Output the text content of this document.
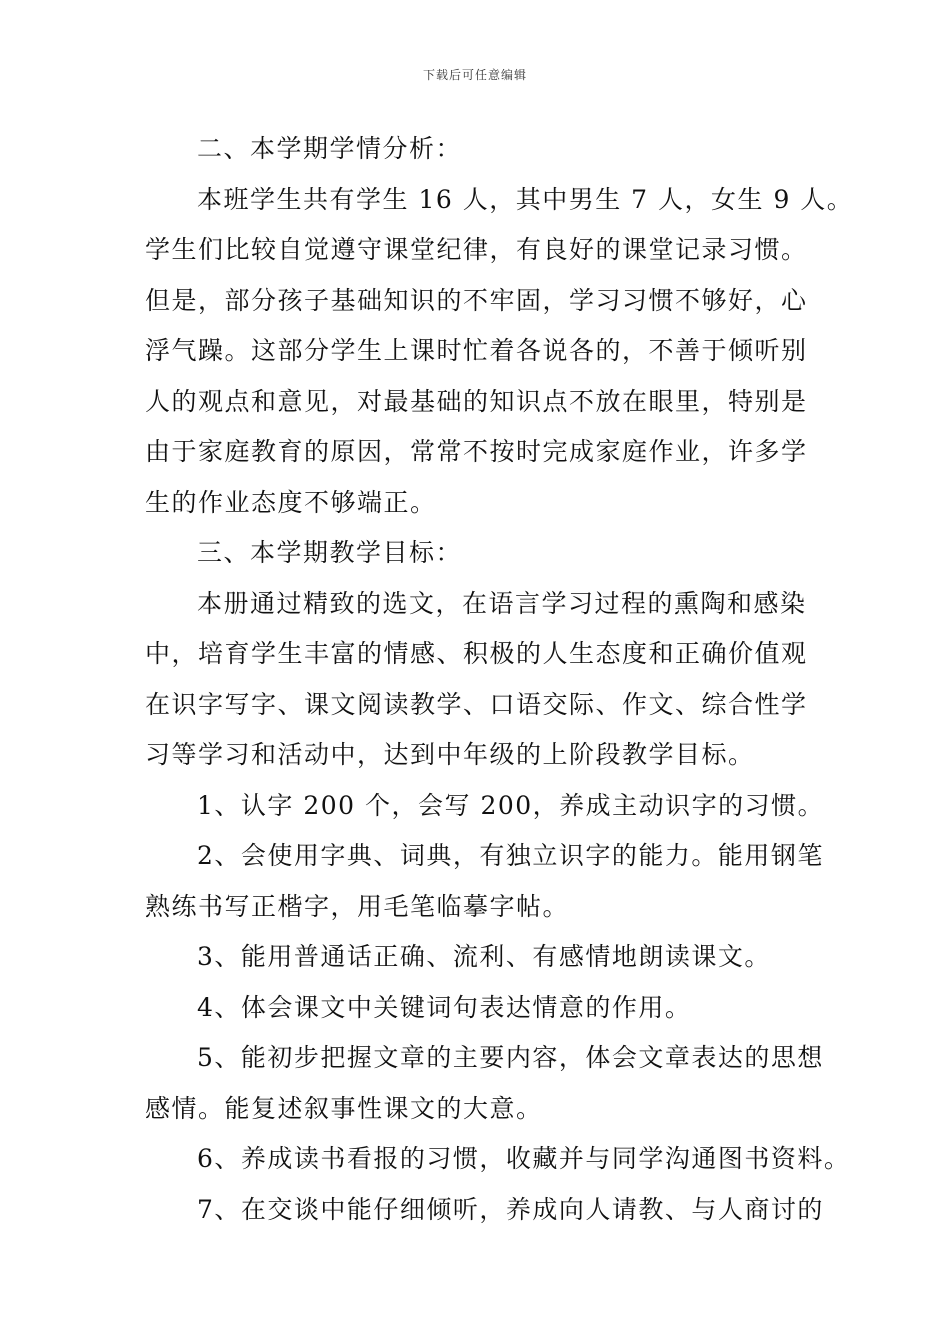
下载后可任意编辑
二、本学期学情分析：
本班学生共有学生 16 人，其中男生 7 人，女生 9 人。
学生们比较自觉遵守课堂纪律，有良好的课堂记录习惯。
但是，部分孩子基础知识的不牢固，学习习惯不够好，心
浮气躁。这部分学生上课时忙着各说各的，不善于倾听别
人的观点和意见，对最基础的知识点不放在眼里，特别是
由于家庭教育的原因，常常不按时完成家庭作业，许多学
生的作业态度不够端正。
三、本学期教学目标：
本册通过精致的选文，在语言学习过程的熏陶和感染
中，培育学生丰富的情感、积极的人生态度和正确价值观
在识字写字、课文阅读教学、口语交际、作文、综合性学
习等学习和活动中，达到中年级的上阶段教学目标。
1、认字 200 个，会写 200，养成主动识字的习惯。
2、会使用字典、词典，有独立识字的能力。能用钢笔
熟练书写正楷字，用毛笔临摹字帖。
3、能用普通话正确、流利、有感情地朗读课文。
4、体会课文中关键词句表达情意的作用。
5、能初步把握文章的主要内容，体会文章表达的思想
感情。能复述叙事性课文的大意。
6、养成读书看报的习惯，收藏并与同学沟通图书资料。
7、在交谈中能仔细倾听，养成向人请教、与人商讨的
